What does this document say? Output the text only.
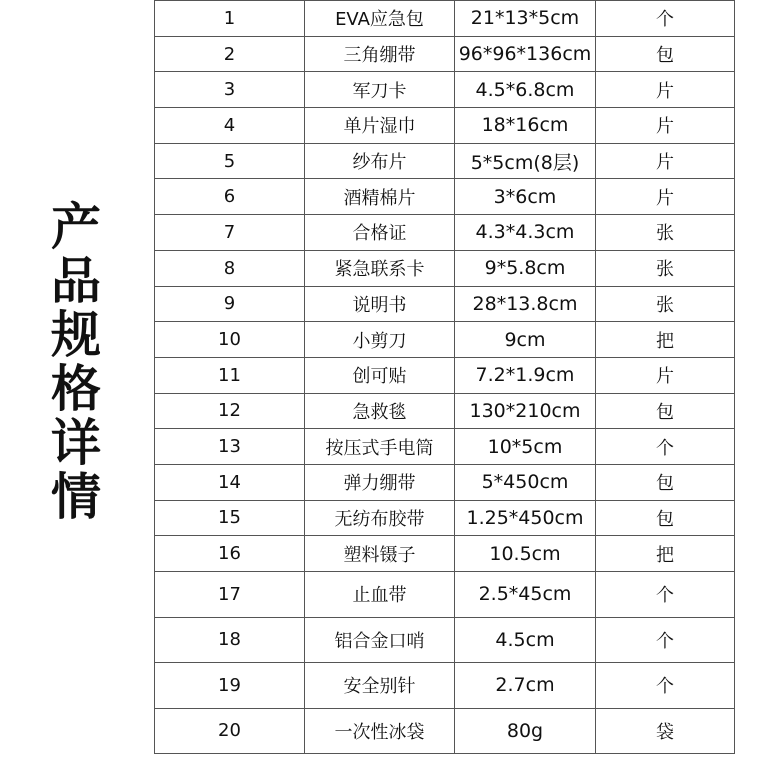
产
品
规
格
详
情
1	EVA应急包	21*13*5cm	个
2	三角绷带	96*96*136cm	包
3	军刀卡	4.5*6.8cm	片
4	单片湿巾	18*16cm	片
5	纱布片	5*5cm(8层)	片
6	酒精棉片	3*6cm	片
7	合格证	4.3*4.3cm	张
8	紧急联系卡	9*5.8cm	张
9	说明书	28*13.8cm	张
10	小剪刀	9cm	把
11	创可贴	7.2*1.9cm	片
12	急救毯	130*210cm	包
13	按压式手电筒	10*5cm	个
14	弹力绷带	5*450cm	包
15	无纺布胶带	1.25*450cm	包
16	塑料镊子	10.5cm	把
17	止血带	2.5*45cm	个
18	铝合金口哨	4.5cm	个
19	安全别针	2.7cm	个
20	一次性冰袋	80g	袋
